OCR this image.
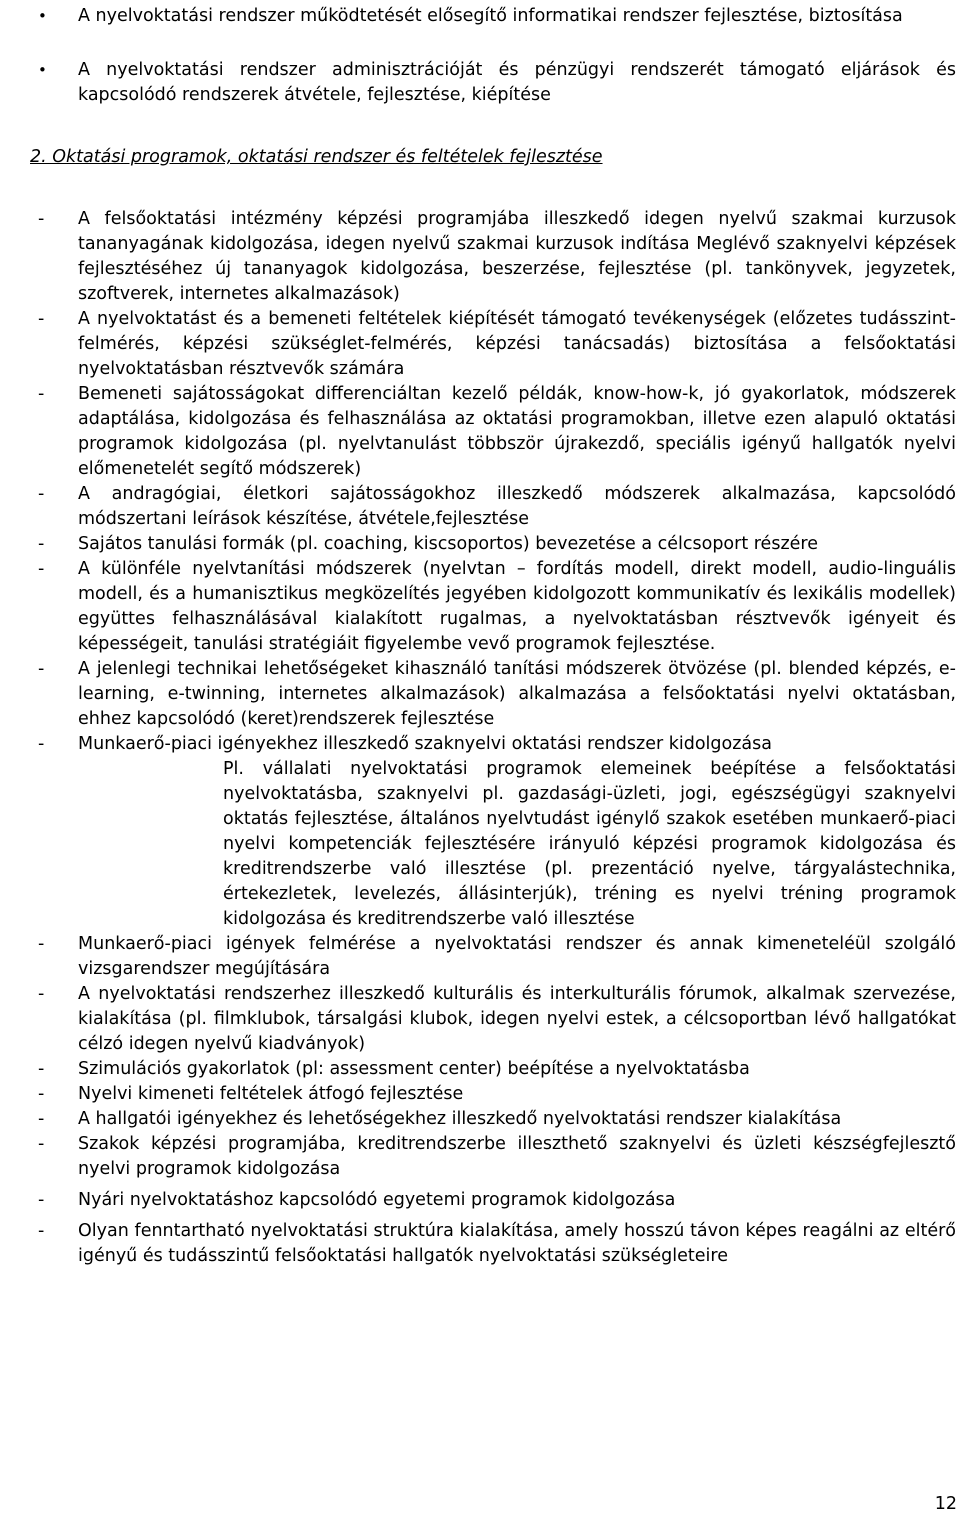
• A nyelvoktatási rendszer működtetését elősegítő informatikai rendszer fejlesztése, biztosítása
• A nyelvoktatási rendszer adminisztrációját és pénzügyi rendszerét támogató eljárások és kapcsolódó rendszerek átvétele, fejlesztése, kiépítése
2. Oktatási programok, oktatási rendszer és feltételek fejlesztése
- A felsőoktatási intézmény képzési programjába illeszkedő idegen nyelvű szakmai kurzusok tananyagának kidolgozása, idegen nyelvű szakmai kurzusok indítása Meglévő szaknyelvi képzések fejlesztéséhez új tananyagok kidolgozása, beszerzése, fejlesztése (pl. tankönyvek, jegyzetek, szoftverek, internetes alkalmazások)
- A nyelvoktatást és a bemeneti feltételek kiépítését támogató tevékenységek (előzetes tudásszint-felmérés, képzési szükséglet-felmérés, képzési tanácsadás) biztosítása a felsőoktatási nyelvoktatásban résztvevők számára
- Bemeneti sajátosságokat differenciáltan kezelő példák, know-how-k, jó gyakorlatok, módszerek adaptálása, kidolgozása és felhasználása az oktatási programokban, illetve ezen alapuló oktatási programok kidolgozása (pl. nyelvtanulást többször újrakezdő, speciális igényű hallgatók nyelvi előmenetelét segítő módszerek)
- A andragógiai, életkori sajátosságokhoz illeszkedő módszerek alkalmazása, kapcsolódó módszertani leírások készítése, átvétele,fejlesztése
- Sajátos tanulási formák (pl. coaching, kiscsoportos) bevezetése a célcsoport részére
- A különféle nyelvtanítási módszerek (nyelvtan – fordítás modell, direkt modell, audio-linguális modell, és a humanisztikus megközelítés jegyében kidolgozott kommunikatív és lexikális modellek) együttes felhasználásával kialakított rugalmas, a nyelvoktatásban résztvevők igényeit és képességeit, tanulási stratégiáit figyelembe vevő programok fejlesztése.
- A jelenlegi technikai lehetőségeket kihasználó tanítási módszerek ötvözése (pl. blended képzés, e-learning, e-twinning, internetes alkalmazások) alkalmazása a felsőoktatási nyelvi oktatásban, ehhez kapcsolódó (keret)rendszerek fejlesztése
- Munkaerő-piaci igényekhez illeszkedő szaknyelvi oktatási rendszer kidolgozása
Pl. vállalati nyelvoktatási programok elemeinek beépítése a felsőoktatási nyelvoktatásba, szaknyelvi pl. gazdasági-üzleti, jogi, egészségügyi szaknyelvi oktatás fejlesztése, általános nyelvtudást igénylő szakok esetében munkaerő-piaci nyelvi kompetenciák fejlesztésére irányuló képzési programok kidolgozása és kreditrendszerbe való illesztése (pl. prezentáció nyelve, tárgyalástechnika, értekezletek, levelezés, állásinterjúk), tréning es nyelvi tréning programok kidolgozása és kreditrendszerbe való illesztése
- Munkaerő-piaci igények felmérése a nyelvoktatási rendszer és annak kimeneteléül szolgáló vizsgarendszer megújítására
- A nyelvoktatási rendszerhez illeszkedő kulturális és interkulturális fórumok, alkalmak szervezése, kialakítása (pl. filmklubok, társalgási klubok, idegen nyelvi estek, a célcsoportban lévő hallgatókat célzó idegen nyelvű kiadványok)
- Szimulációs gyakorlatok (pl: assessment center) beépítése a nyelvoktatásba
- Nyelvi kimeneti feltételek átfogó fejlesztése
- A hallgatói igényekhez és lehetőségekhez illeszkedő nyelvoktatási rendszer kialakítása
- Szakok képzési programjába, kreditrendszerbe illeszthető szaknyelvi és üzleti készségfejlesztő nyelvi programok kidolgozása
- Nyári nyelvoktatáshoz kapcsolódó egyetemi programok kidolgozása
- Olyan fenntartható nyelvoktatási struktúra kialakítása, amely hosszú távon képes reagálni az eltérő igényű és tudásszintű felsőoktatási hallgatók nyelvoktatási szükségleteire
12
